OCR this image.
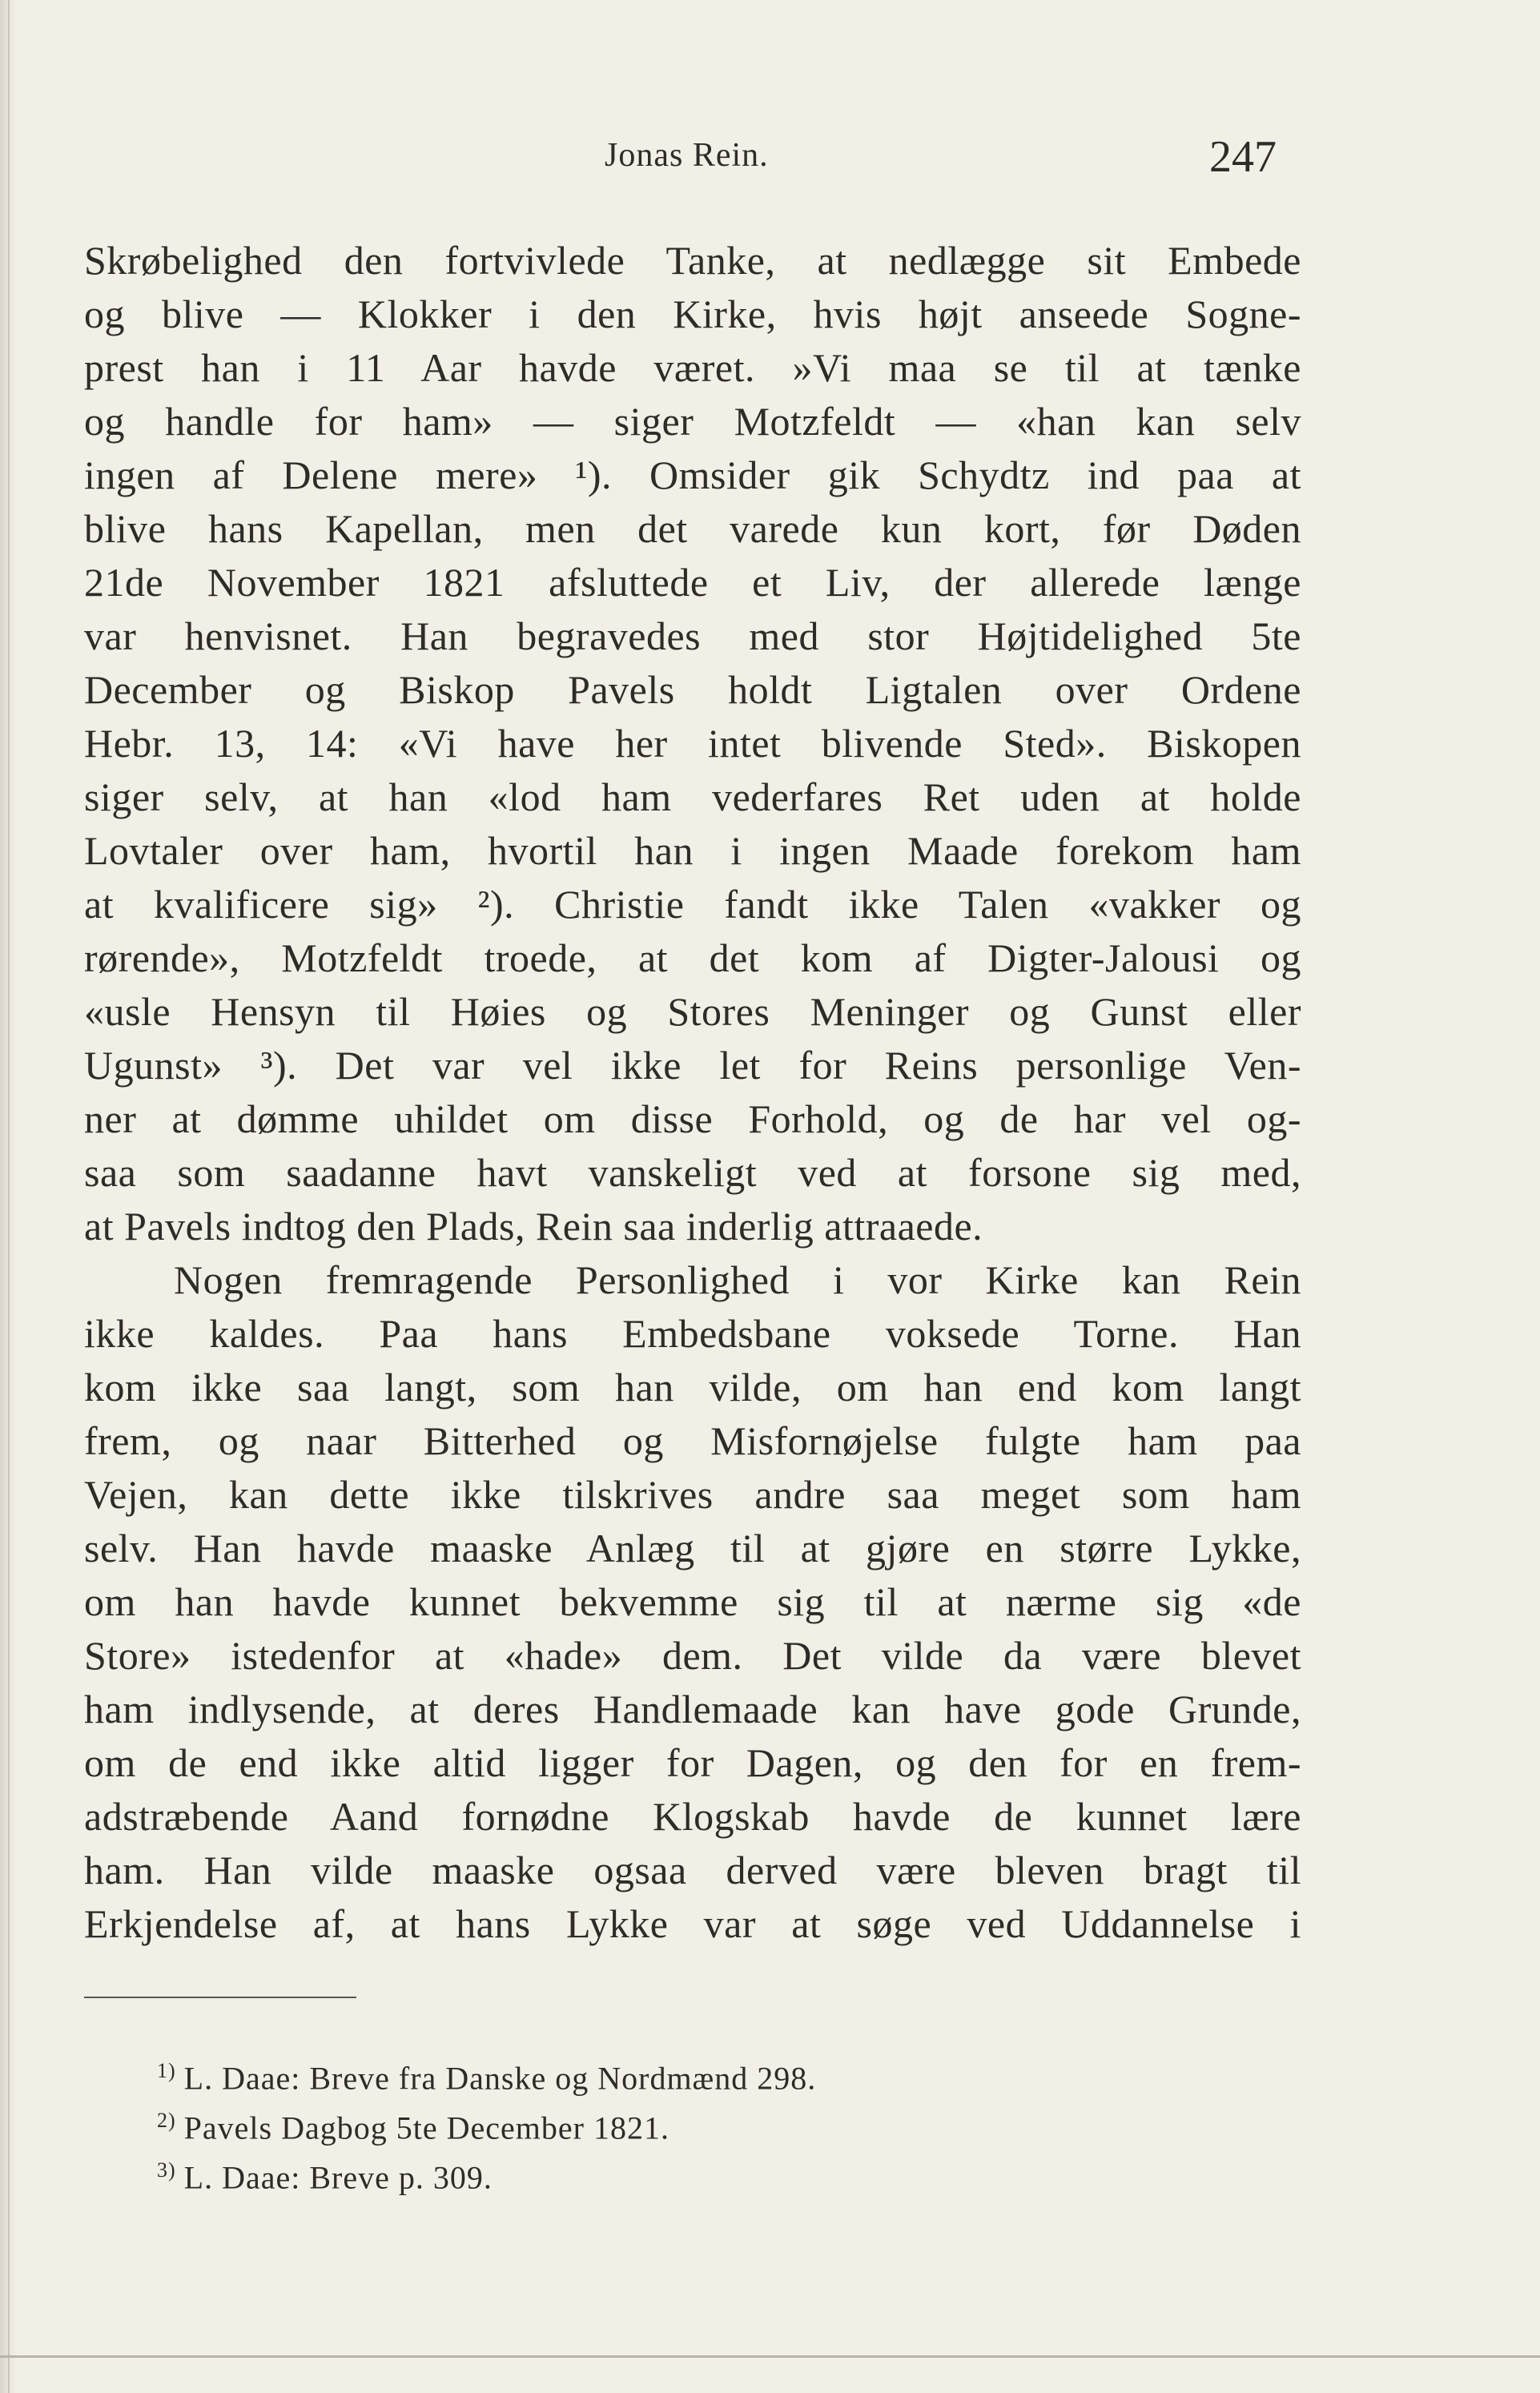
Jonas Rein.	247
Skrøbelighed den fortvivlede Tanke, at nedlægge sit Embede
og blive — Klokker i den Kirke, hvis højt anseede Sogne-
prest han i 11 Aar havde været. »Vi maa se til at tænke
og handle for ham» — siger Motzfeldt — «han kan selv
ingen af Delene mere» ¹). Omsider gik Schydtz ind paa at
blive hans Kapellan, men det varede kun kort, før Døden
21de November 1821 afsluttede et Liv, der allerede længe
var henvisnet. Han begravedes med stor Højtidelighed 5te
December og Biskop Pavels holdt Ligtalen over Ordene
Hebr. 13, 14: «Vi have her intet blivende Sted». Biskopen
siger selv, at han «lod ham vederfares Ret uden at holde
Lovtaler over ham, hvortil han i ingen Maade forekom ham
at kvalificere sig» ²). Christie fandt ikke Talen «vakker og
rørende», Motzfeldt troede, at det kom af Digter-Jalousi og
«usle Hensyn til Høies og Stores Meninger og Gunst eller
Ugunst» ³). Det var vel ikke let for Reins personlige Ven-
ner at dømme uhildet om disse Forhold, og de har vel og-
saa som saadanne havt vanskeligt ved at forsone sig med,
at Pavels indtog den Plads, Rein saa inderlig attraaede.
Nogen fremragende Personlighed i vor Kirke kan Rein
ikke kaldes. Paa hans Embedsbane voksede Torne. Han
kom ikke saa langt, som han vilde, om han end kom langt
frem, og naar Bitterhed og Misfornøjelse fulgte ham paa
Vejen, kan dette ikke tilskrives andre saa meget som ham
selv. Han havde maaske Anlæg til at gjøre en større Lykke,
om han havde kunnet bekvemme sig til at nærme sig «de
Store» istedenfor at «hade» dem. Det vilde da være blevet
ham indlysende, at deres Handlemaade kan have gode Grunde,
om de end ikke altid ligger for Dagen, og den for en frem-
adstræbende Aand fornødne Klogskab havde de kunnet lære
ham. Han vilde maaske ogsaa derved være bleven bragt til
Erkjendelse af, at hans Lykke var at søge ved Uddannelse i
$^{1)}$ L. Daae: Breve fra Danske og Nordmænd 298.
$^{2)}$ Pavels Dagbog 5te December 1821.
$^{3)}$ L. Daae: Breve p. 309.
